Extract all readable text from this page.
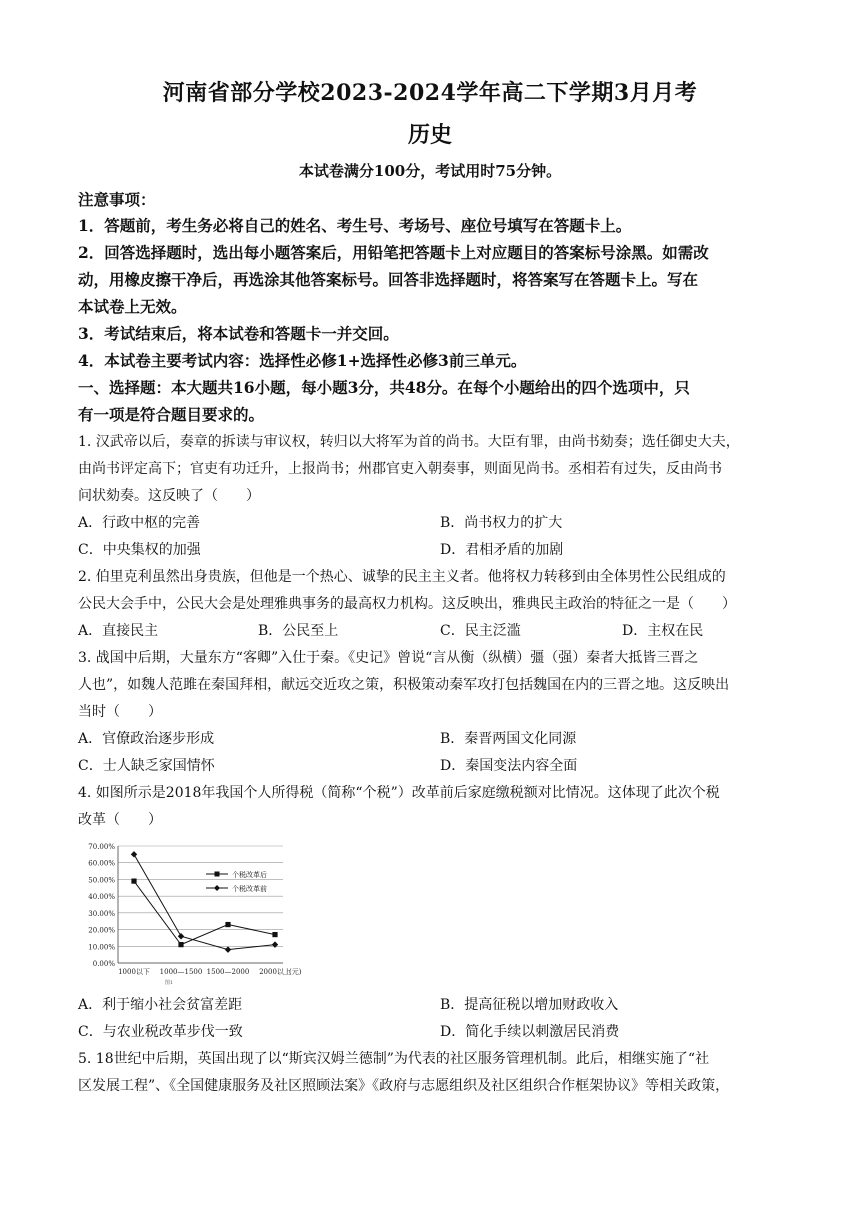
河南省部分学校2023-2024学年高二下学期3月月考
历史
本试卷满分100分，考试用时75分钟。
注意事项：
1．答题前，考生务必将自己的姓名、考生号、考场号、座位号填写在答题卡上。
2．回答选择题时，选出每小题答案后，用铅笔把答题卡上对应题目的答案标号涂黑。如需改
动，用橡皮擦干净后，再选涂其他答案标号。回答非选择题时，将答案写在答题卡上。写在
本试卷上无效。
3．考试结束后，将本试卷和答题卡一并交回。
4．本试卷主要考试内容：选择性必修1+选择性必修3前三单元。
一、选择题：本大题共16小题，每小题3分，共48分。在每个小题给出的四个选项中，只
有一项是符合题目要求的。
1. 汉武帝以后，奏章的拆读与审议权，转归以大将军为首的尚书。大臣有罪，由尚书劾奏；选任御史大夫，
由尚书评定高下；官吏有功迁升，上报尚书；州郡官吏入朝奏事，则面见尚书。丞相若有过失，反由尚书
问状劾奏。这反映了（　　）
A．行政中枢的完善	B．尚书权力的扩大
C．中央集权的加强	D．君相矛盾的加剧
2. 伯里克利虽然出身贵族，但他是一个热心、诚挚的民主主义者。他将权力转移到由全体男性公民组成的
公民大会手中，公民大会是处理雅典事务的最高权力机构。这反映出，雅典民主政治的特征之一是（　　）
A．直接民主	B．公民至上	C．民主泛滥	D．主权在民
3. 战国中后期，大量东方“客卿”入仕于秦。《史记》曾说“言从衡（纵横）彊（强）秦者大抵皆三晋之
人也”，如魏人范雎在秦国拜相，献远交近攻之策，积极策动秦军攻打包括魏国在内的三晋之地。这反映出
当时（　　）
A．官僚政治逐步形成	B．秦晋两国文化同源
C．士人缺乏家国情怀	D．秦国变法内容全面
4. 如图所示是2018年我国个人所得税（简称“个税”）改革前后家庭缴税额对比情况。这体现了此次个税
改革（　　）
0.00%
10.00%
20.00%
30.00%
40.00%
50.00%
60.00%
70.00%
1000以下 1000—1500 1500—2000 2000以上
(元)
图1
个税改革后
个税改革前
A．利于缩小社会贫富差距	B．提高征税以增加财政收入
C．与农业税改革步伐一致	D．简化手续以刺激居民消费
5. 18世纪中后期，英国出现了以“斯宾汉姆兰德制”为代表的社区服务管理机制。此后，相继实施了“社
区发展工程”、《全国健康服务及社区照顾法案》《政府与志愿组织及社区组织合作框架协议》等相关政策，
